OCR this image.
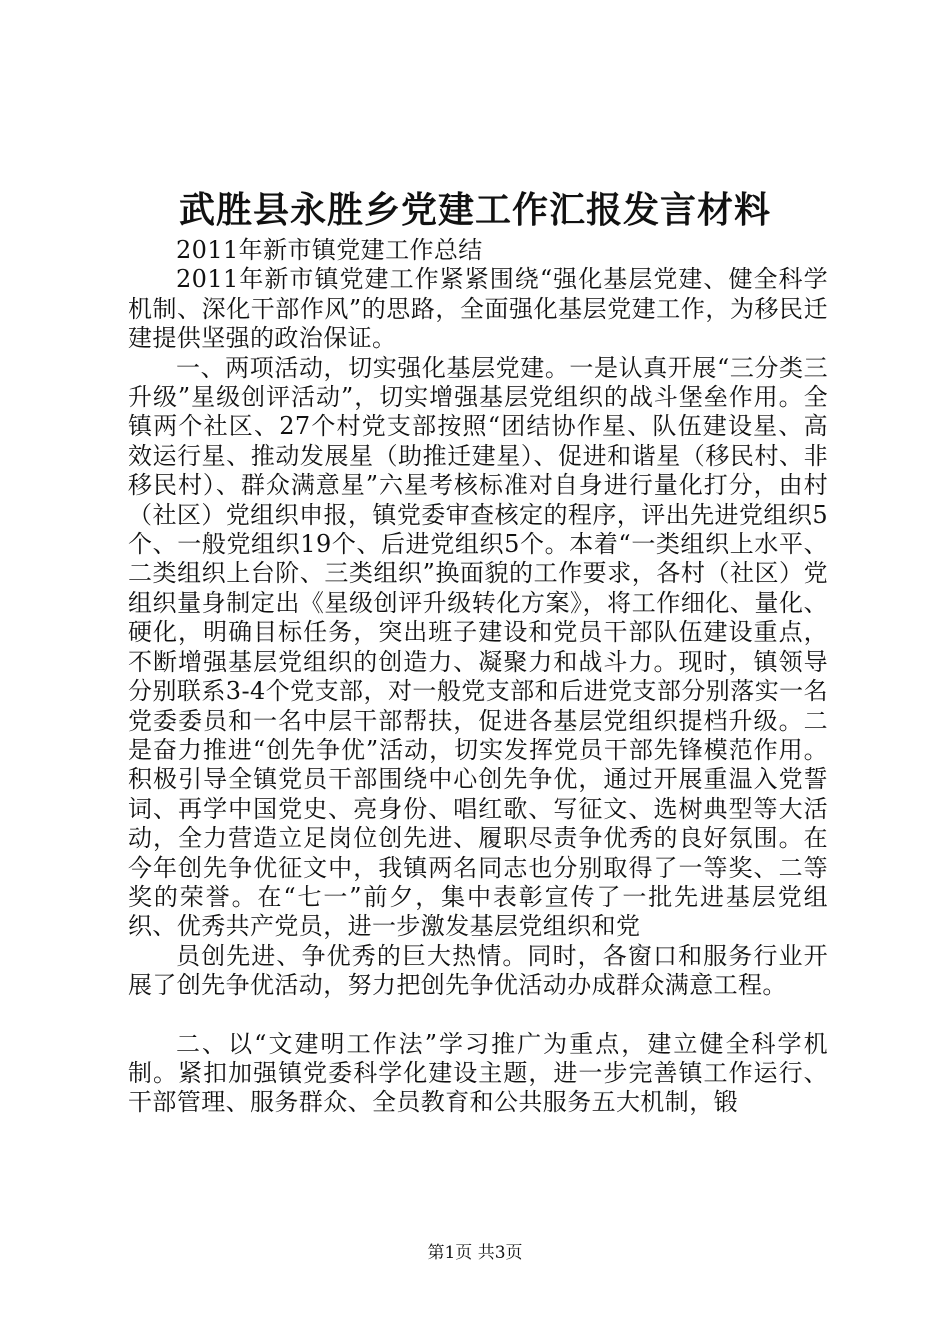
武胜县永胜乡党建工作汇报发言材料

2011年新市镇党建工作总结

2011年新市镇党建工作紧紧围绕“强化基层党建、健全科学机制、深化干部作风”的思路，全面强化基层党建工作，为移民迁建提供坚强的政治保证。

一、两项活动，切实强化基层党建。一是认真开展“三分类三升级”星级创评活动”，切实增强基层党组织的战斗堡垒作用。全镇两个社区、27个村党支部按照“团结协作星、队伍建设星、高效运行星、推动发展星（助推迁建星）、促进和谐星（移民村、非移民村）、群众满意星”六星考核标准对自身进行量化打分，由村（社区）党组织申报，镇党委审查核定的程序，评出先进党组织5个、一般党组织19个、后进党组织5个。本着“一类组织上水平、二类组织上台阶、三类组织”换面貌的工作要求，各村（社区）党组织量身制定出《星级创评升级转化方案》，将工作细化、量化、硬化，明确目标任务，突出班子建设和党员干部队伍建设重点，不断增强基层党组织的创造力、凝聚力和战斗力。现时，镇领导分别联系3-4个党支部，对一般党支部和后进党支部分别落实一名党委委员和一名中层干部帮扶，促进各基层党组织提档升级。二是奋力推进“创先争优”活动，切实发挥党员干部先锋模范作用。积极引导全镇党员干部围绕中心创先争优，通过开展重温入党誓词、再学中国党史、亮身份、唱红歌、写征文、选树典型等大活动，全力营造立足岗位创先进、履职尽责争优秀的良好氛围。在今年创先争优征文中，我镇两名同志也分别取得了一等奖、二等奖的荣誉。在“七一”前夕，集中表彰宣传了一批先进基层党组织、优秀共产党员，进一步激发基层党组织和党

员创先进、争优秀的巨大热情。同时，各窗口和服务行业开展了创先争优活动，努力把创先争优活动办成群众满意工程。

二、以“文建明工作法”学习推广为重点，建立健全科学机制。紧扣加强镇党委科学化建设主题，进一步完善镇工作运行、干部管理、服务群众、全员教育和公共服务五大机制，锻

第1页 共3页
